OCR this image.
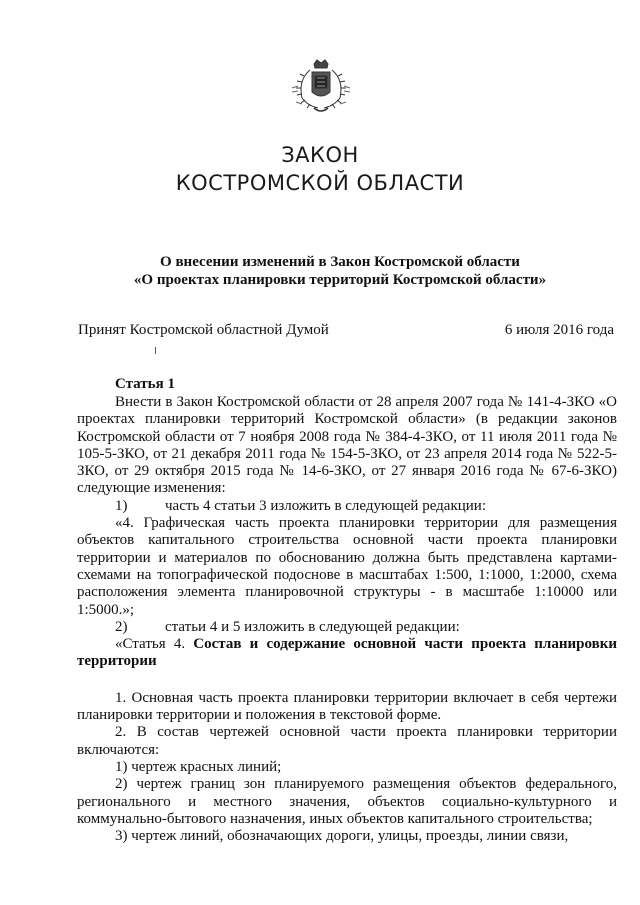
ЗАКОН
КОСТРОМСКОЙ ОБЛАСТИ
О внесении изменений в Закон Костромской области
«О проектах планировки территорий Костромской области»
Принят Костромской областной Думой	6 июля 2016 года
Статья 1

Внести в Закон Костромской области от 28 апреля 2007 года № 141-4-ЗКО «О проектах планировки территорий Костромской области» (в редакции законов Костромской области от 7 ноября 2008 года № 384-4-ЗКО, от 11 июля 2011 года № 105-5-ЗКО, от 21 декабря 2011 года № 154-5-ЗКО, от 23 апреля 2014 года № 522-5-ЗКО, от 29 октября 2015 года № 14-6-ЗКО, от 27 января 2016 года № 67-6-ЗКО) следующие изменения:

1)	часть 4 статьи 3 изложить в следующей редакции:

«4. Графическая часть проекта планировки территории для размещения объектов капитального строительства основной части проекта планировки территории и материалов по обоснованию должна быть представлена картами-схемами на топографической подосновe в масштабах 1:500, 1:1000, 1:2000, схема расположения элемента планировочной структуры - в масштабе 1:10000 или 1:5000.»;

2)	статьи 4 и 5 изложить в следующей редакции:

«Статья 4. Состав и содержание основной части проекта планировки территории

1. Основная часть проекта планировки территории включает в себя чертежи планировки территории и положения в текстовой форме.

2. В состав чертежей основной части проекта планировки территории включаются:

1) чертеж красных линий;

2) чертеж границ зон планируемого размещения объектов федерального, регионального и местного значения, объектов социально-культурного и коммунально-бытового назначения, иных объектов капитального строительства;

3) чертеж линий, обозначающих дороги, улицы, проезды, линии связи,
